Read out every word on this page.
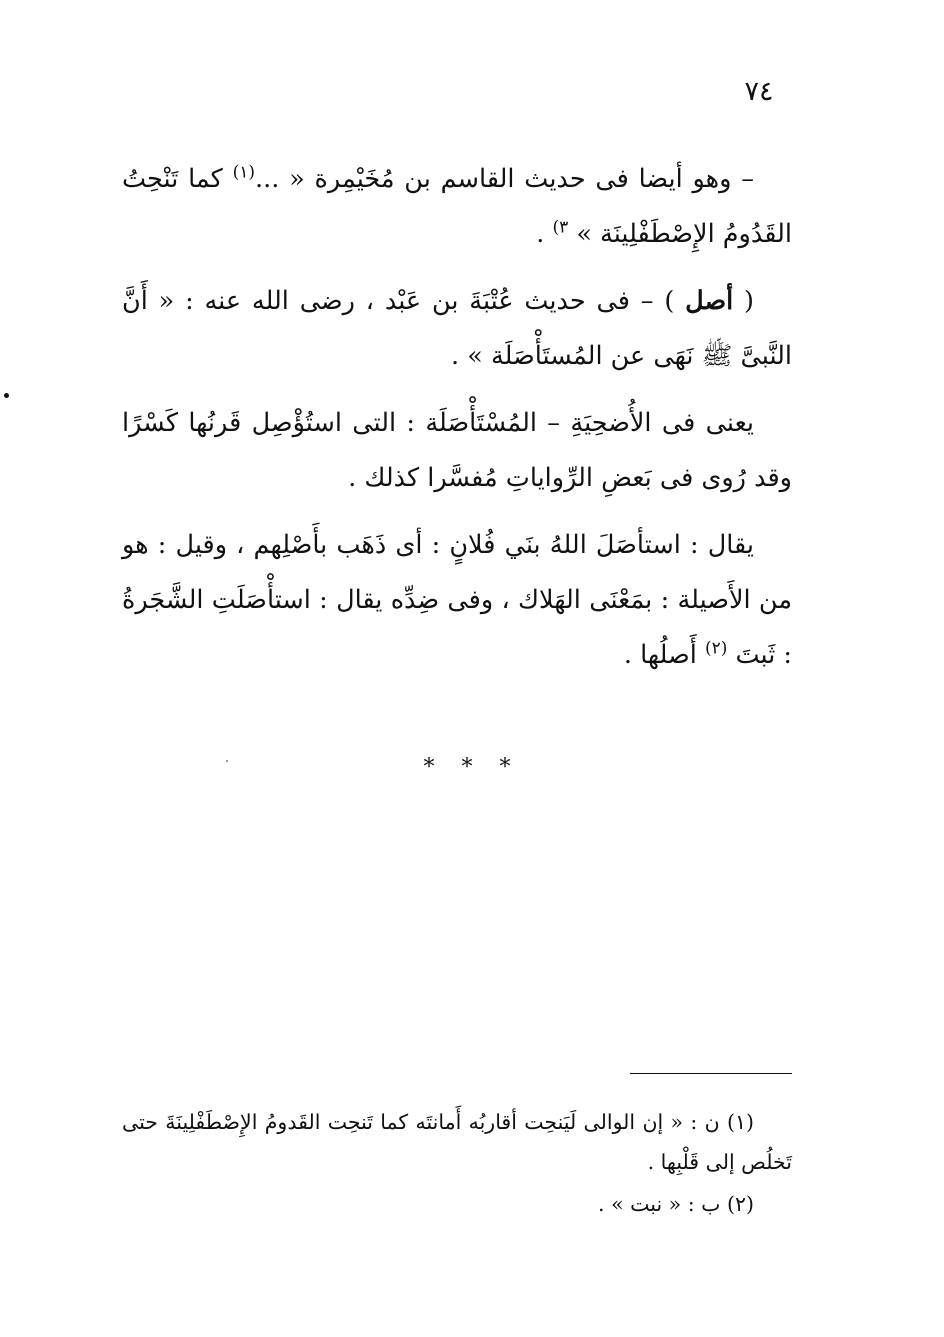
٧٤

– وهو أيضا فى حديث القاسم بن مُخَيْمِرة « ...$^{(١)}$ كما تَنْحِتُ القَدُومُ الإِصْطَفْلِينَة » $^{٣)}$ .

( أصل ) – فى حديث عُتْبَةَ بن عَبْد ، رضى الله عنه : « أَنَّ النَّبىَّ ﷺ نَهَى عن المُستَأْصَلَة » .

يعنى فى الأُضحِيَةِ – المُسْتَأْصَلَة : التى استُؤْصِل قَرنُها كَسْرًا وقد رُوى فى بَعضِ الرِّواياتِ مُفسَّرا كذلك .

يقال : استأصَلَ اللهُ بنَي فُلانٍ : أى ذَهَب بأَصْلِهم ، وقيل : هو من الأَصيلة : بمَعْنَى الهَلاك ، وفى ضِدِّه يقال : استأْصَلَتِ الشَّجَرةُ : ثَبتَ $^{(٢)}$ أَصلُها .

* * *

(١) ن : « إن الوالى لَيَنحِت أقاربُه أَمانتَه كما تَنحِت القَدومُ الإِصْطَفْلِينَةَ حتى تَخلُص إلى قَلْبِها .

(٢) ب : « نبت » .
